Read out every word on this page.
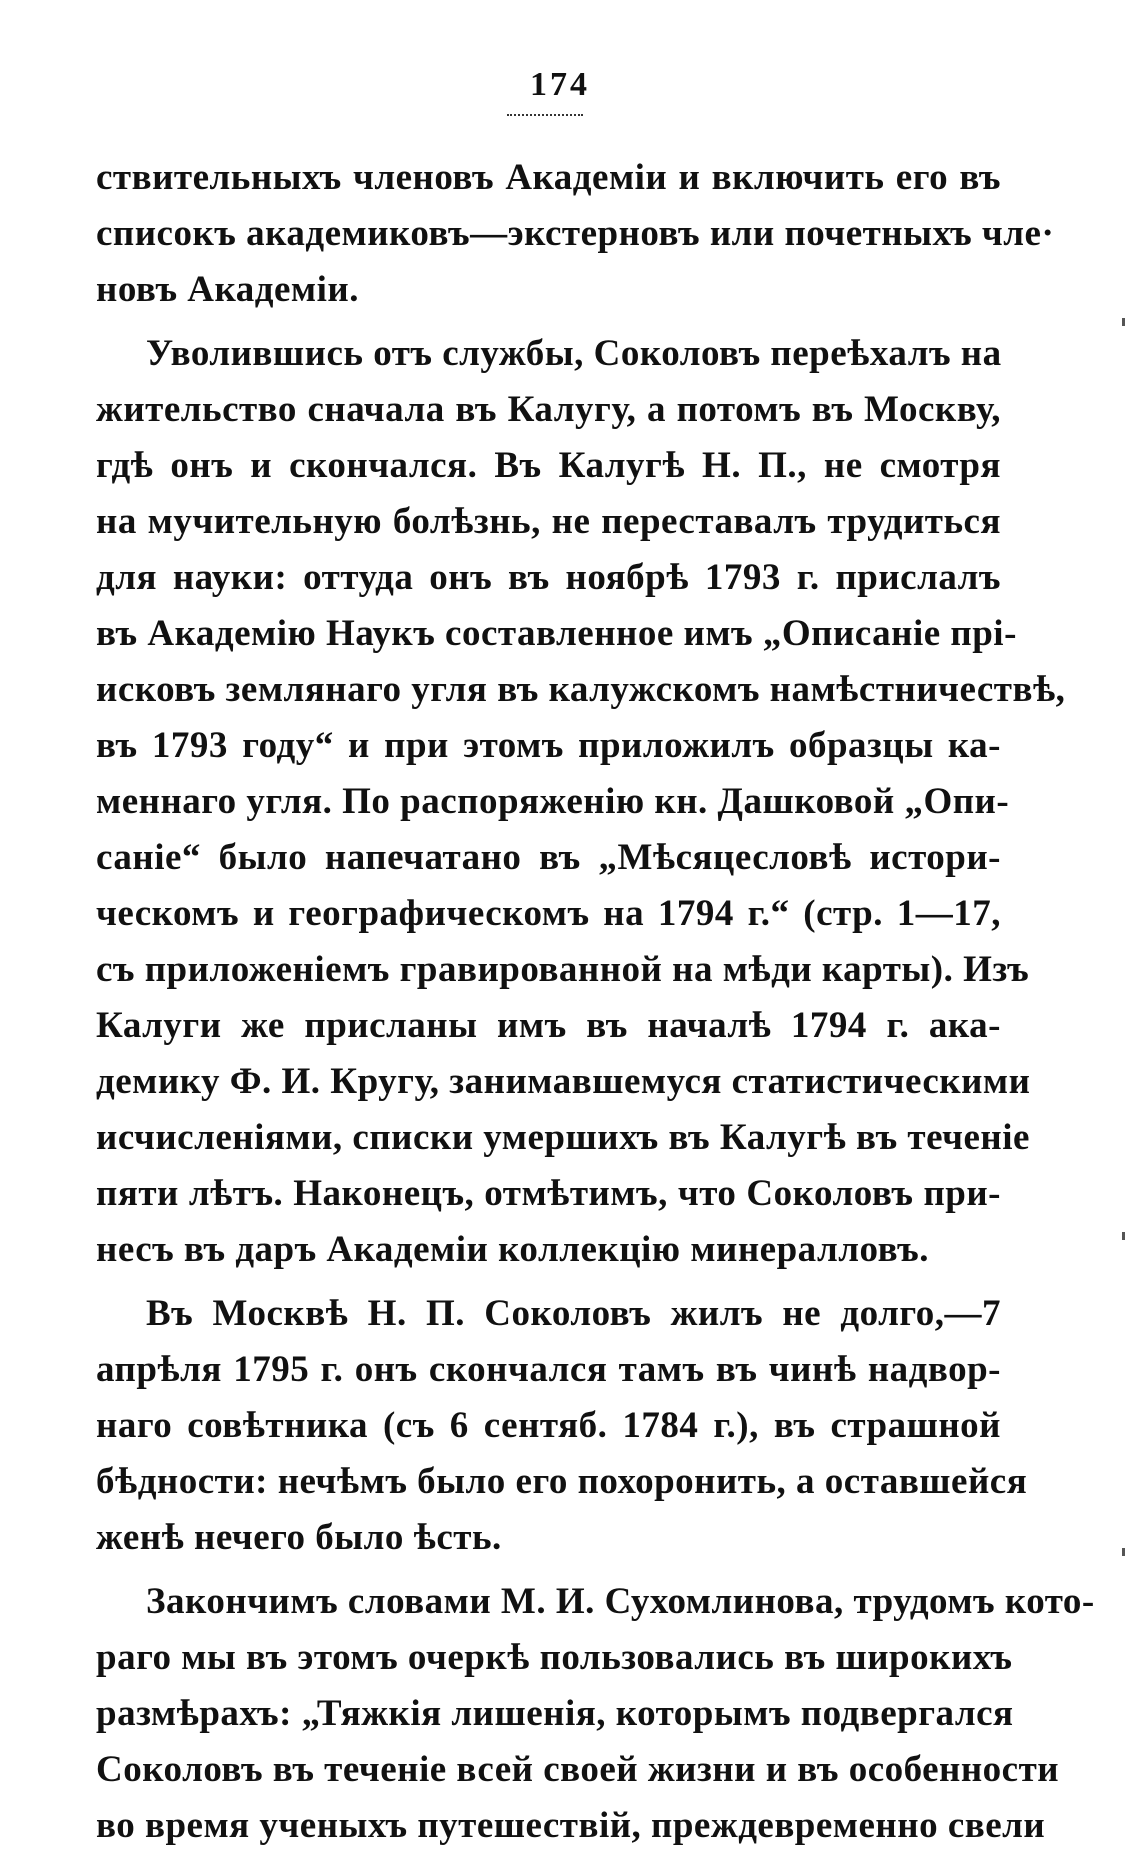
174
ствительныхъ членовъ Академіи и включить его въ
списокъ академиковъ—экстерновъ или почетныхъ чле·
новъ Академіи.
Уволившись отъ службы, Соколовъ переѣхалъ на
жительство сначала въ Калугу, а потомъ въ Москву,
гдѣ онъ и скончался. Въ Калугѣ Н. П., не смотря
на мучительную болѣзнь, не переставалъ трудиться
для науки: оттуда онъ въ ноябрѣ 1793 г. прислалъ
въ Академію Наукъ составленное имъ „Описаніе прі-
исковъ землянаго угля въ калужскомъ намѣстничествѣ,
въ 1793 году“ и при этомъ приложилъ образцы ка-
меннаго угля. По распоряженію кн. Дашковой „Опи-
саніе“ было напечатано въ „Мѣсяцесловѣ истори-
ческомъ и географическомъ на 1794 г.“ (стр. 1—17,
съ приложеніемъ гравированной на мѣди карты). Изъ
Калуги же присланы имъ въ началѣ 1794 г. ака-
демику Ф. И. Кругу, занимавшемуся статистическими
исчисленіями, списки умершихъ въ Калугѣ въ теченіе
пяти лѣтъ. Наконецъ, отмѣтимъ, что Соколовъ при-
несъ въ даръ Академіи коллекцію минералловъ.
Въ Москвѣ Н. П. Соколовъ жилъ не долго,—7
апрѣля 1795 г. онъ скончался тамъ въ чинѣ надвор-
наго совѣтника (съ 6 сентяб. 1784 г.), въ страшной
бѣдности: нечѣмъ было его похоронить, а оставшейся
женѣ нечего было ѣсть.
Закончимъ словами М. И. Сухомлинова, трудомъ кото-
раго мы въ этомъ очеркѣ пользовались въ широкихъ
размѣрахъ: „Тяжкія лишенія, которымъ подвергался
Соколовъ въ теченіе всей своей жизни и въ особенности
во время ученыхъ путешествій, преждевременно свели
